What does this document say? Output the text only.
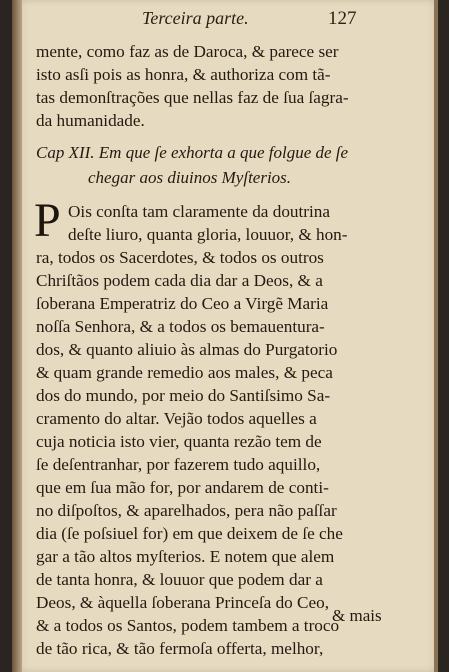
Terceira parte.	127
mente, como faz as de Daroca, & parece ser
isto asſi pois as honra, & authoriza com tã-
tas demonſtrações que nellas faz de ſua ſagra-
da humanidade.
Cap XII. Em que ſe exhorta a que folgue de ſe
chegar aos diuinos Myſterios.
P Ois conſta tam claramente da doutrina
deſte liuro, quanta gloria, louuor, & hon-
ra, todos os Sacerdotes, & todos os outros
Chriſtãos podem cada dia dar a Deos, & a
ſoberana Emperatriz do Ceo a Virgẽ Maria
noſſa Senhora, & a todos os bemauentura-
dos, & quanto aliuio às almas do Purgatorio
& quam grande remedio aos males, & peca
dos do mundo, por meio do Santiſsimo Sa-
cramento do altar. Vejão todos aquelles a
cuja noticia isto vier, quanta rezão tem de
ſe deſentranhar, por fazerem tudo aquillo,
que em ſua mão for, por andarem de conti-
no diſpoſtos, & aparelhados, pera não paſſar
dia (ſe poſsiuel for) em que deixem de ſe che
gar a tão altos myſterios. E notem que alem
de tanta honra, & louuor que podem dar a
Deos, & àquella ſoberana Princeſa do Ceo,
& a todos os Santos, podem tambem a troco
de tão rica, & tão fermoſa offerta, melhor,
& mais
